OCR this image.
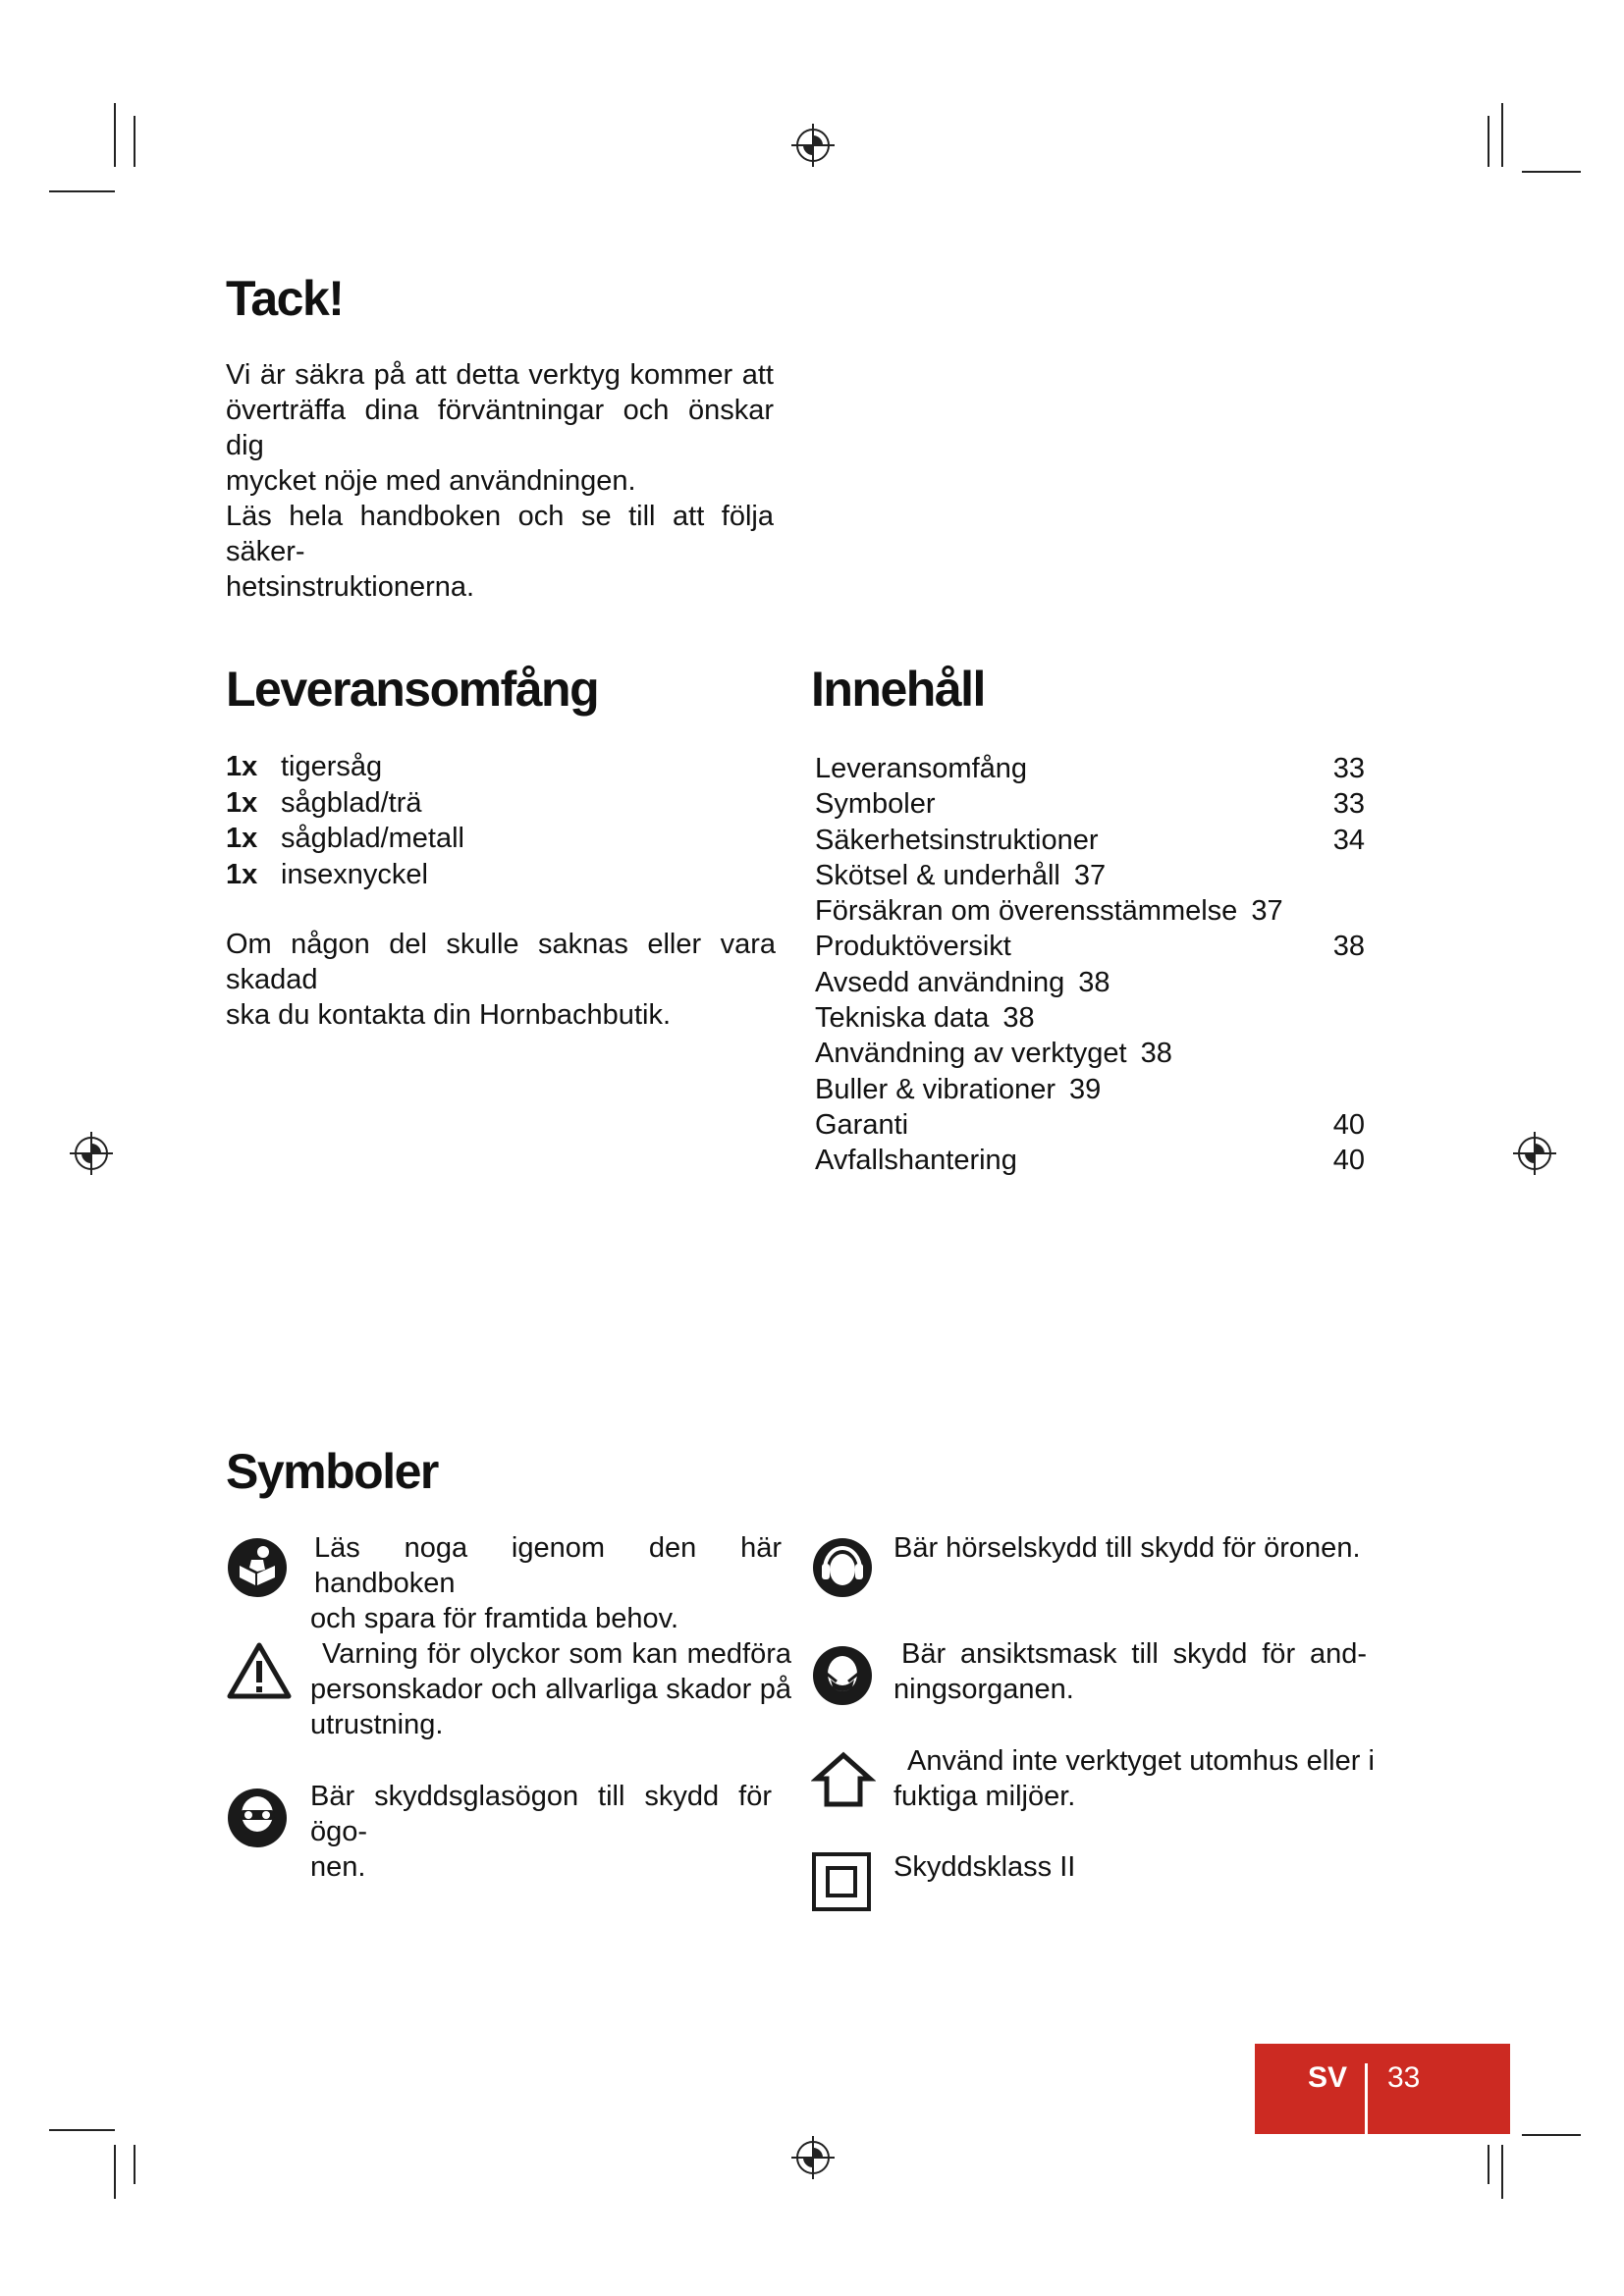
Tack!

Vi är säkra på att detta verktyg kommer att

överträffa dina förväntningar och önskar dig

mycket nöje med användningen.

Läs hela handboken och se till att följa säker-

hetsinstruktionerna.

Leveransomfång
1x tigersåg
1x sågblad/trä
1x sågblad/metall
1x insexnyckel

Om någon del skulle saknas eller vara skadad

ska du kontakta din Hornbachbutik.

Innehåll
Leveransomfång	33
Symboler	33
Säkerhetsinstruktioner	34
Skötsel & underhåll 37
Försäkran om överensstämmelse 37
Produktöversikt	38
Avsedd användning 38
Tekniska data 38
Användning av verktyget 38
Buller & vibrationer 39
Garanti	40
Avfallshantering	40
Symboler
Läs noga igenom den här handboken
och spara för framtida behov.
Varning för olyckor som kan medföra
personskador och allvarliga skador på
utrustning.
Bär skyddsglasögon till skydd för ögo-
nen.
Bär hörselskydd till skydd för öronen.
Bär ansiktsmask till skydd för and-
ningsorganen.
Använd inte verktyget utomhus eller i
fuktiga miljöer.
Skyddsklass II
SV 33
